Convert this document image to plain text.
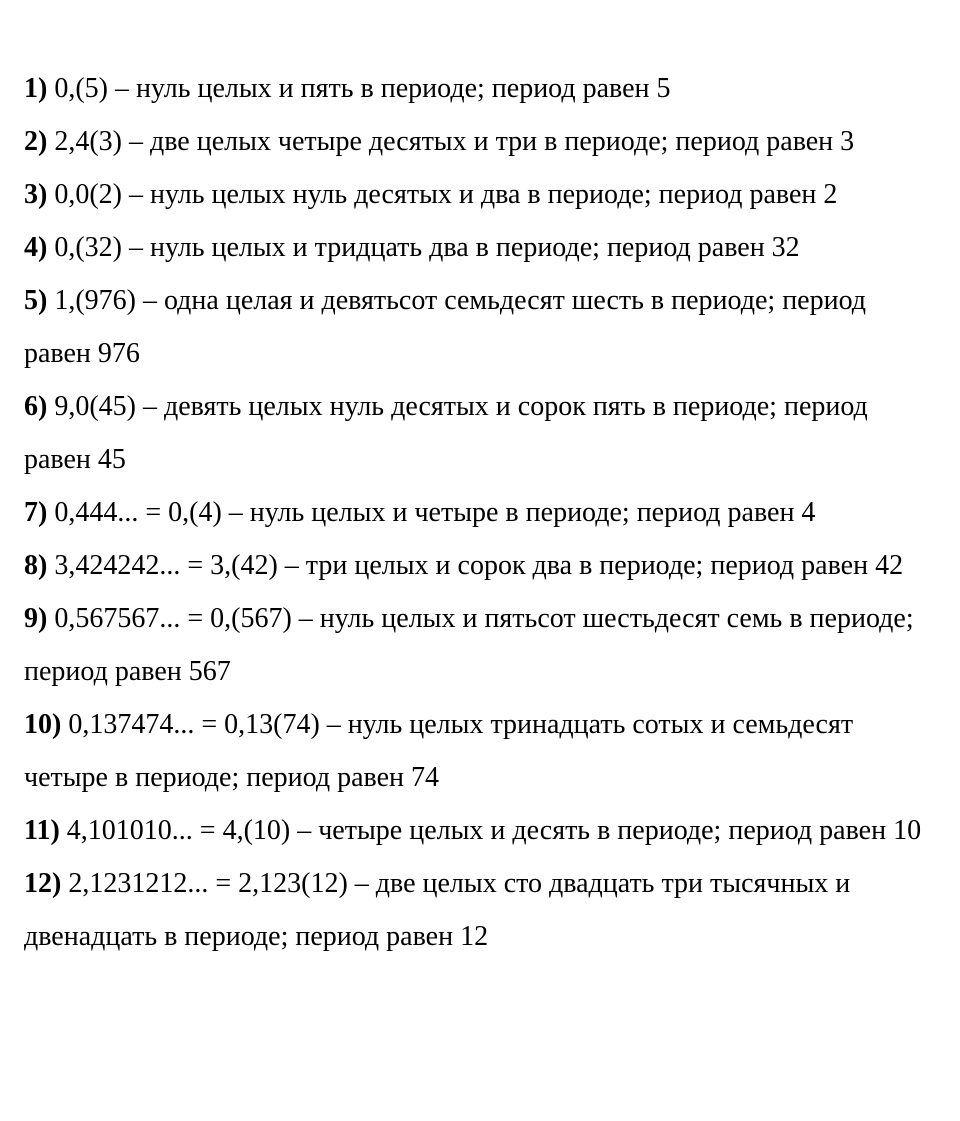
1) 0,(5) – нуль целых и пять в периоде; период равен 5

2) 2,4(3) – две целых четыре десятых и три в периоде; период равен 3

3) 0,0(2) – нуль целых нуль десятых и два в периоде; период равен 2

4) 0,(32) – нуль целых и тридцать два в периоде; период равен 32

5) 1,(976) – одна целая и девятьсот семьдесят шесть в периоде; период равен 976

6) 9,0(45) – девять целых нуль десятых и сорок пять в периоде; период равен 45

7) 0,444... = 0,(4) – нуль целых и четыре в периоде; период равен 4

8) 3,424242... = 3,(42) – три целых и сорок два в периоде; период равен 42

9) 0,567567... = 0,(567) – нуль целых и пятьсот шестьдесят семь в периоде; период равен 567

10) 0,137474... = 0,13(74) – нуль целых тринадцать сотых и семьдесят четыре в периоде; период равен 74

11) 4,101010... = 4,(10) – четыре целых и десять в периоде; период равен 10

12) 2,1231212... = 2,123(12) – две целых сто двадцать три тысячных и двенадцать в периоде; период равен 12
